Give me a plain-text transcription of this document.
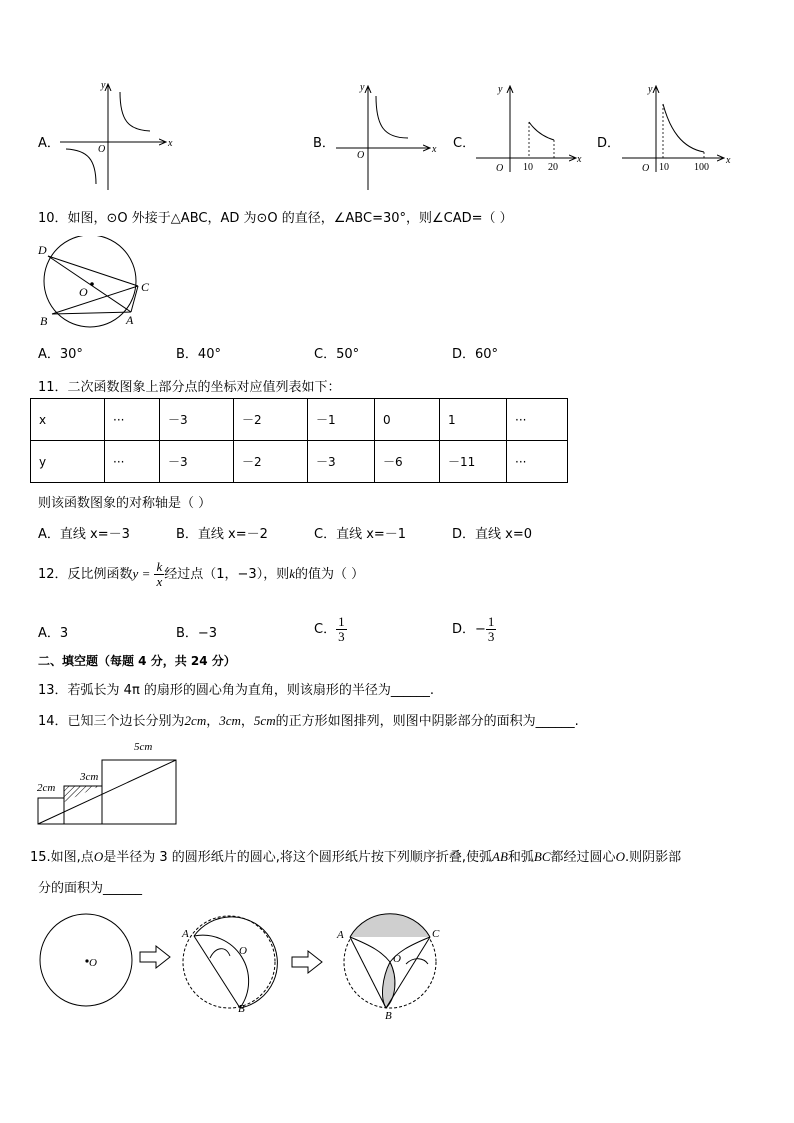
A．	x
y
O	B．	x
y
O
C．
x
y
O 10 20
D．
x
y
O 10	100
10．如图，⊙O 外接于△ABC，AD 为⊙O 的直径，∠ABC=30°，则∠CAD=（ ）
D
O	C
B	A
A．30°	B．40°	C．50°	D．60°
11．二次函数图象上部分点的坐标对应值列表如下：
x	···	－3	－2	－1	0	1	···
y	···	－3	－2	－3	－6	－11	···
则该函数图象的对称轴是（ ）
A．直线 x=－3	B．直线 x=－2	C．直线 x=－1	D．直线 x=0
12．反比例函数$y = \frac{k}{x}$ 经过点（1，−3），则k的值为（ ）
A．3	B．−3	C． $\frac{1}{3}$	D．− $\frac{1}{3}$
二、填空题（每题 4 分，共 24 分）
13．若弧长为 4π 的扇形的圆心角为直角，则该扇形的半径为______.
14．已知三个边长分别为2cm，3cm，5cm的正方形如图排列，则图中阴影部分的面积为______.
5cm
3cm
2cm
15.如图,点O是半径为 3 的圆形纸片的圆心,将这个圆形纸片按下列顺序折叠,使弧AB和弧BC都经过圆心O.则阴影部
分的面积为______
O
A
O
B
A	C
O
B
